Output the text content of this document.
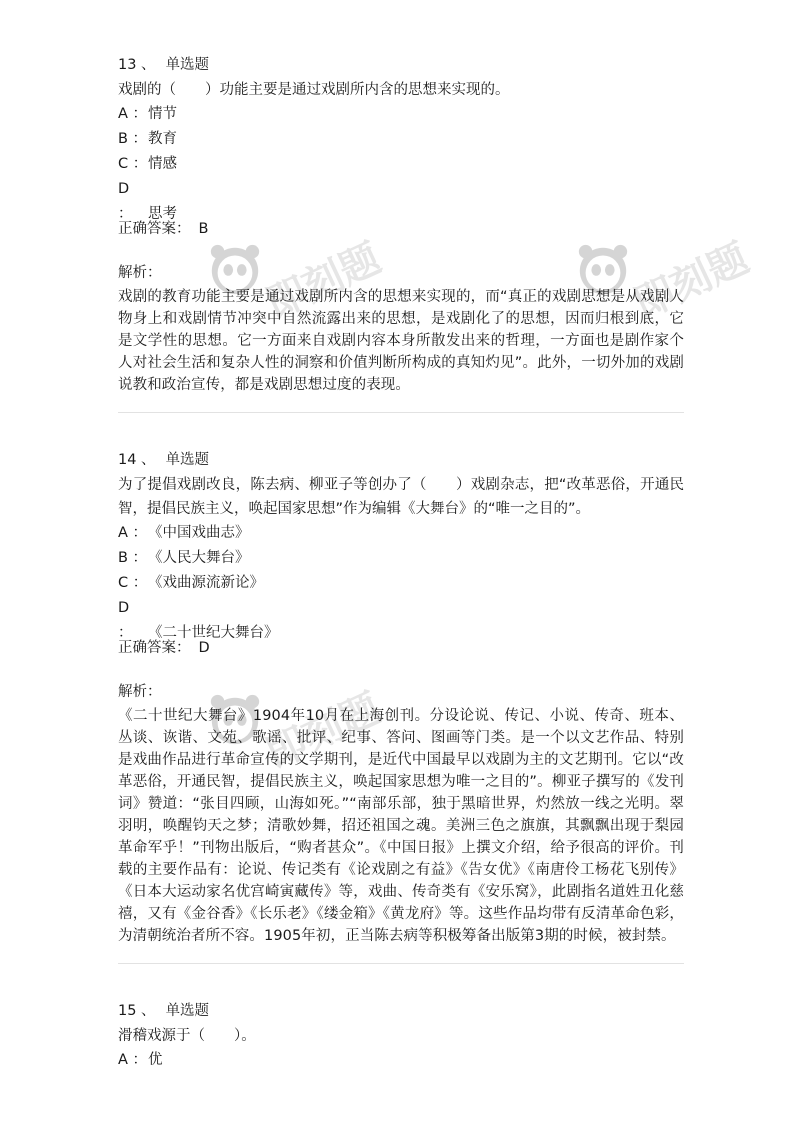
即刻题	即刻题
即刻题
13 、 单选题
戏剧的（　　）功能主要是通过戏剧所内含的思想来实现的。
A ：情节
B ：教育
C ：情感
D ： 思考
正确答案： B
解析：
戏剧的教育功能主要是通过戏剧所内含的思想来实现的，而“真正的戏剧思想是从戏剧人物身上和戏剧情节冲突中自然流露出来的思想，是戏剧化了的思想，因而归根到底，它是文学性的思想。它一方面来自戏剧内容本身所散发出来的哲理，一方面也是剧作家个人对社会生活和复杂人性的洞察和价值判断所构成的真知灼见”。此外，一切外加的戏剧说教和政治宣传，都是戏剧思想过度的表现。
14 、 单选题
为了提倡戏剧改良，陈去病、柳亚子等创办了（　　）戏剧杂志，把“改革恶俗，开通民智，提倡民族主义，唤起国家思想”作为编辑《大舞台》的“唯一之目的”。
A ：《中国戏曲志》
B ：《人民大舞台》
C ：《戏曲源流新论》
D ： 《二十世纪大舞台》
正确答案： D
解析：
《二十世纪大舞台》1904年10月在上海创刊。分设论说、传记、小说、传奇、班本、丛谈、诙谐、文苑、歌谣、批评、纪事、答问、图画等门类。是一个以文艺作品、特别是戏曲作品进行革命宣传的文学期刊，是近代中国最早以戏剧为主的文艺期刊。它以“改革恶俗，开通民智，提倡民族主义，唤起国家思想为唯一之目的”。柳亚子撰写的《发刊词》赞道：“张目四顾，山海如死。”“南部乐部，独于黑暗世界，灼然放一线之光明。翠羽明，唤醒钧天之梦；清歌妙舞，招还祖国之魂。美洲三色之旗旗，其飘飘出现于梨园革命军乎！”刊物出版后，“购者甚众”。《中国日报》上撰文介绍，给予很高的评价。刊载的主要作品有：论说、传记类有《论戏剧之有益》《告女优》《南唐伶工杨花飞别传》《日本大运动家名优宫崎寅藏传》等，戏曲、传奇类有《安乐窝》，此剧指名道姓丑化慈禧，又有《金谷香》《长乐老》《缕金箱》《黄龙府》等。这些作品均带有反清革命色彩，为清朝统治者所不容。1905年初，正当陈去病等积极筹备出版第3期的时候，被封禁。
15 、 单选题
滑稽戏源于（　　）。
A ：优
